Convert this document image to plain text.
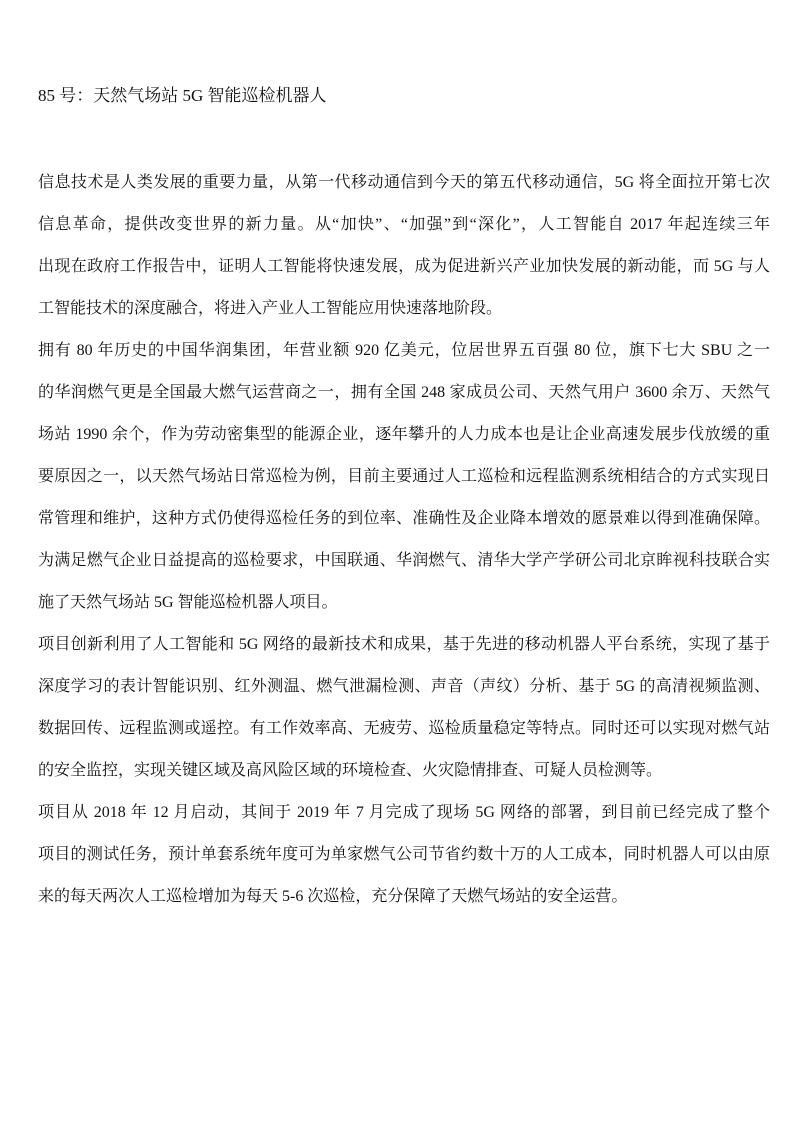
85 号：天然气场站 5G 智能巡检机器人
信息技术是人类发展的重要力量，从第一代移动通信到今天的第五代移动通信，5G 将全面拉开第七次
信息革命，提供改变世界的新力量。从“加快”、“加强”到“深化”，人工智能自 2017 年起连续三年
出现在政府工作报告中，证明人工智能将快速发展，成为促进新兴产业加快发展的新动能，而 5G 与人
工智能技术的深度融合，将进入产业人工智能应用快速落地阶段。
拥有 80 年历史的中国华润集团，年营业额 920 亿美元，位居世界五百强 80 位，旗下七大 SBU 之一
的华润燃气更是全国最大燃气运营商之一，拥有全国 248 家成员公司、天然气用户 3600 余万、天然气
场站 1990 余个，作为劳动密集型的能源企业，逐年攀升的人力成本也是让企业高速发展步伐放缓的重
要原因之一，以天然气场站日常巡检为例，目前主要通过人工巡检和远程监测系统相结合的方式实现日
常管理和维护，这种方式仍使得巡检任务的到位率、准确性及企业降本增效的愿景难以得到准确保障。
为满足燃气企业日益提高的巡检要求，中国联通、华润燃气、清华大学产学研公司北京眸视科技联合实
施了天然气场站 5G 智能巡检机器人项目。
项目创新利用了人工智能和 5G 网络的最新技术和成果，基于先进的移动机器人平台系统，实现了基于
深度学习的表计智能识别、红外测温、燃气泄漏检测、声音（声纹）分析、基于 5G 的高清视频监测、
数据回传、远程监测或遥控。有工作效率高、无疲劳、巡检质量稳定等特点。同时还可以实现对燃气站
的安全监控，实现关键区域及高风险区域的环境检查、火灾隐情排查、可疑人员检测等。
项目从 2018 年 12 月启动，其间于 2019 年 7 月完成了现场 5G 网络的部署，到目前已经完成了整个
项目的测试任务，预计单套系统年度可为单家燃气公司节省约数十万的人工成本，同时机器人可以由原
来的每天两次人工巡检增加为每天 5-6 次巡检，充分保障了天燃气场站的安全运营。
